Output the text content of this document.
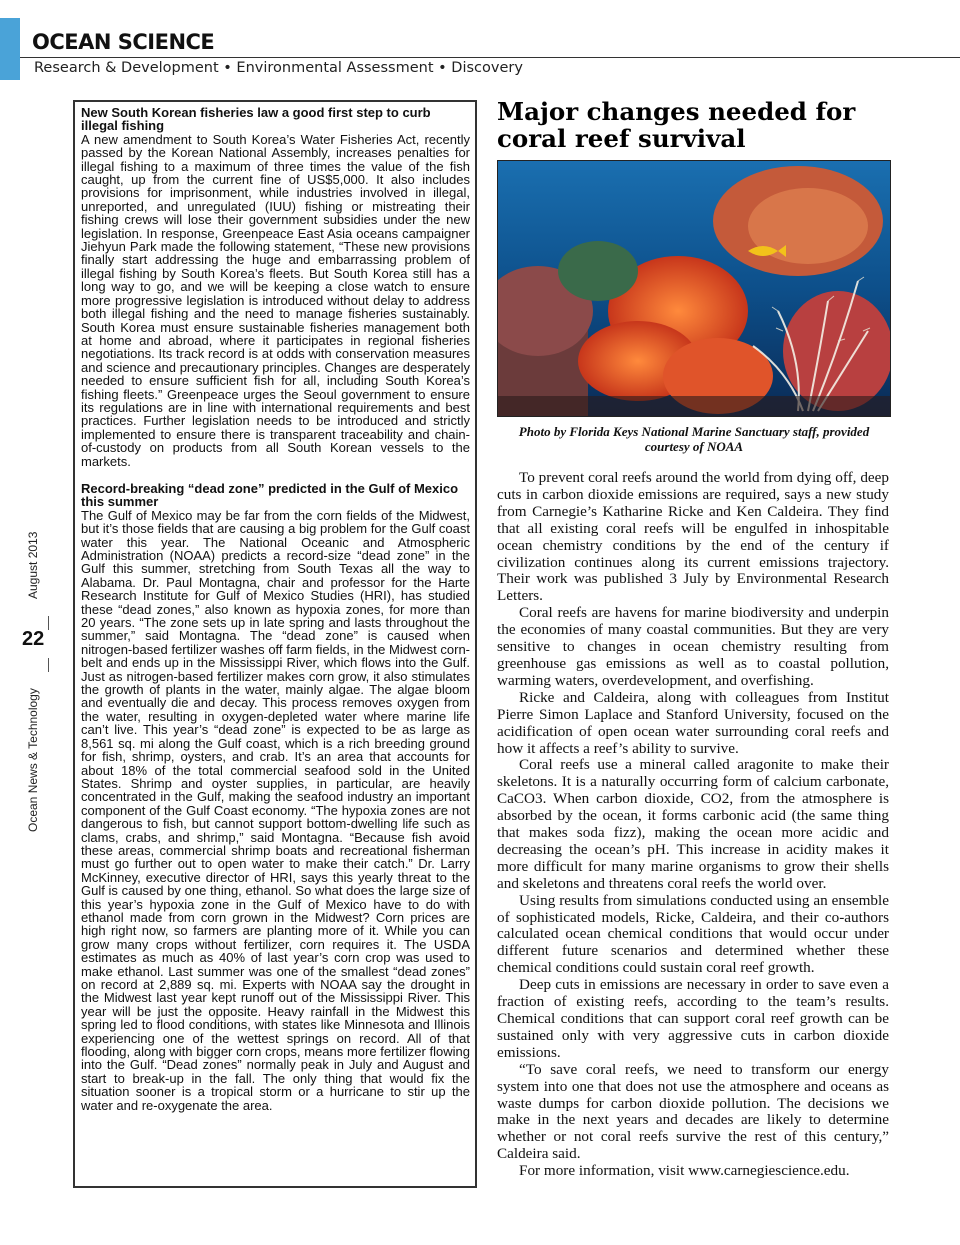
OCEAN SCIENCE
Research & Development • Environmental Assessment • Discovery
August 2013
22
Ocean News & Technology
New South Korean fisheries law a good first step to curb illegal fishing

A new amendment to South Korea’s Water Fisheries Act, recently passed by the Korean National Assembly, increases penalties for illegal fishing to a maximum of three times the value of the fish caught, up from the current fine of US$5,000. It also includes provisions for imprisonment, while industries involved in illegal, unreported, and unregulated (IUU) fishing or mistreating their fishing crews will lose their government subsidies under the new legislation. In response, Greenpeace East Asia oceans campaigner Jiehyun Park made the following statement, “These new provisions finally start addressing the huge and embarrassing problem of illegal fishing by South Korea’s fleets. But South Korea still has a long way to go, and we will be keeping a close watch to ensure more progressive legislation is introduced without delay to address both illegal fishing and the need to manage fisheries sustainably. South Korea must ensure sustainable fisheries management both at home and abroad, where it participates in regional fisheries negotiations. Its track record is at odds with conservation measures and science and precautionary principles. Changes are desperately needed to ensure sufficient fish for all, including South Korea’s fishing fleets.” Greenpeace urges the Seoul government to ensure its regulations are in line with international requirements and best practices. Further legislation needs to be introduced and strictly implemented to ensure there is transparent traceability and chain-of-custody on products from all South Korean vessels to the markets.

Record-breaking “dead zone” predicted in the Gulf of Mexico this summer

The Gulf of Mexico may be far from the corn fields of the Midwest, but it’s those fields that are causing a big problem for the Gulf coast water this year. The National Oceanic and Atmospheric Administration (NOAA) predicts a record-size “dead zone” in the Gulf this summer, stretching from South Texas all the way to Alabama. Dr. Paul Montagna, chair and professor for the Harte Research Institute for Gulf of Mexico Studies (HRI), has studied these “dead zones,” also known as hypoxia zones, for more than 20 years. “The zone sets up in late spring and lasts throughout the summer,” said Montagna. The “dead zone” is caused when nitrogen-based fertilizer washes off farm fields, in the Midwest corn-belt and ends up in the Mississippi River, which flows into the Gulf. Just as nitrogen-based fertilizer makes corn grow, it also stimulates the growth of plants in the water, mainly algae. The algae bloom and eventually die and decay. This process removes oxygen from the water, resulting in oxygen-depleted water where marine life can’t live. This year’s “dead zone” is expected to be as large as 8,561 sq. mi along the Gulf coast, which is a rich breeding ground for fish, shrimp, oysters, and crab. It’s an area that accounts for about 18% of the total commercial seafood sold in the United States. Shrimp and oyster supplies, in particular, are heavily concentrated in the Gulf, making the seafood industry an important component of the Gulf Coast economy. “The hypoxia zones are not dangerous to fish, but cannot support bottom-dwelling life such as clams, crabs, and shrimp,” said Montagna. “Because fish avoid these areas, commercial shrimp boats and recreational fisherman must go further out to open water to make their catch.” Dr. Larry McKinney, executive director of HRI, says this yearly threat to the Gulf is caused by one thing, ethanol. So what does the large size of this year’s hypoxia zone in the Gulf of Mexico have to do with ethanol made from corn grown in the Midwest? Corn prices are high right now, so farmers are planting more of it. While you can grow many crops without fertilizer, corn requires it. The USDA estimates as much as 40% of last year’s corn crop was used to make ethanol. Last summer was one of the smallest “dead zones” on record at 2,889 sq. mi. Experts with NOAA say the drought in the Midwest last year kept runoff out of the Mississippi River. This year will be just the opposite. Heavy rainfall in the Midwest this spring led to flood conditions, with states like Minnesota and Illinois experiencing one of the wettest springs on record. All of that flooding, along with bigger corn crops, means more fertilizer flowing into the Gulf. “Dead zones” normally peak in July and August and start to break-up in the fall. The only thing that would fix the situation sooner is a tropical storm or a hurricane to stir up the water and re-oxygenate the area.

Major changes needed for coral reef survival
Photo by Florida Keys National Marine Sanctuary staff, provided courtesy of NOAA

To prevent coral reefs around the world from dying off, deep cuts in carbon dioxide emissions are required, says a new study from Carnegie’s Katharine Ricke and Ken Caldeira. They find that all existing coral reefs will be engulfed in inhospitable ocean chemistry conditions by the end of the century if civilization continues along its current emissions trajectory. Their work was published 3 July by Environmental Research Letters.

Coral reefs are havens for marine biodiversity and underpin the economies of many coastal communities. But they are very sensitive to changes in ocean chemistry resulting from greenhouse gas emissions as well as to coastal pollution, warming waters, overdevelopment, and overfishing.

Ricke and Caldeira, along with colleagues from Institut Pierre Simon Laplace and Stanford University, focused on the acidification of open ocean water surrounding coral reefs and how it affects a reef’s ability to survive.

Coral reefs use a mineral called aragonite to make their skeletons. It is a naturally occurring form of calcium carbonate, CaCO3. When carbon dioxide, CO2, from the atmosphere is absorbed by the ocean, it forms carbonic acid (the same thing that makes soda fizz), making the ocean more acidic and decreasing the ocean’s pH. This increase in acidity makes it more difficult for many marine organisms to grow their shells and skeletons and threatens coral reefs the world over.

Using results from simulations conducted using an ensemble of sophisticated models, Ricke, Caldeira, and their co-authors calculated ocean chemical conditions that would occur under different future scenarios and determined whether these chemical conditions could sustain coral reef growth.

Deep cuts in emissions are necessary in order to save even a fraction of existing reefs, according to the team’s results. Chemical conditions that can support coral reef growth can be sustained only with very aggressive cuts in carbon dioxide emissions.

“To save coral reefs, we need to transform our energy system into one that does not use the atmosphere and oceans as waste dumps for carbon dioxide pollution. The decisions we make in the next years and decades are likely to determine whether or not coral reefs survive the rest of this century,” Caldeira said.

For more information, visit www.carnegiescience.edu.
